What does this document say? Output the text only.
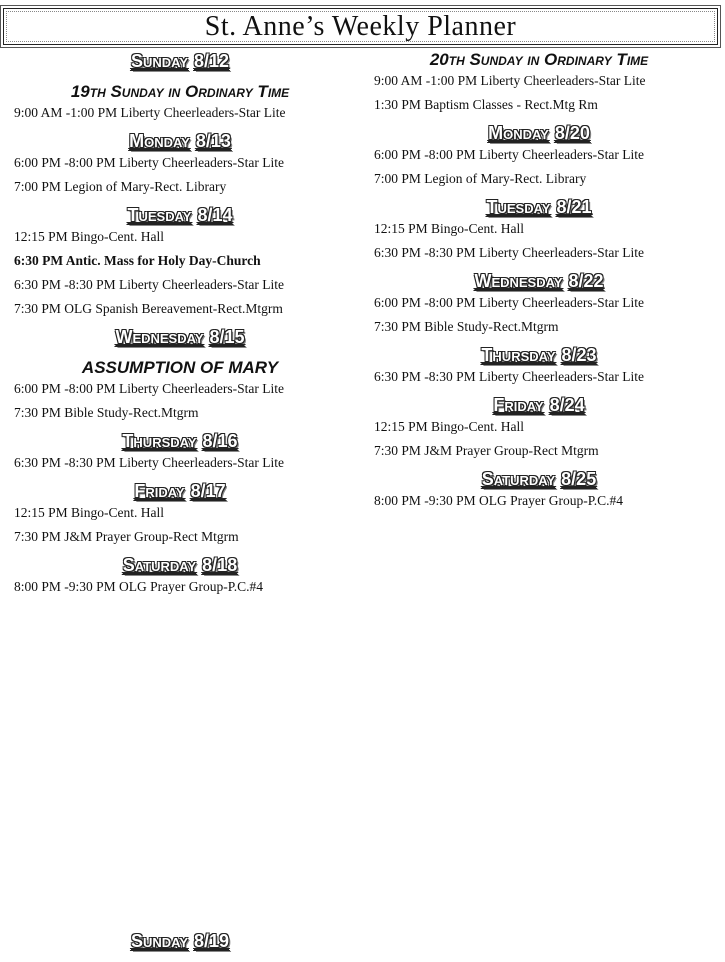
St. Anne’s Weekly Planner
Sunday 8/12
19th Sunday in Ordinary Time
9:00 AM -1:00 PM Liberty Cheerleaders-Star Lite
Monday 8/13
6:00 PM -8:00 PM Liberty Cheerleaders-Star Lite
7:00 PM Legion of Mary-Rect. Library
Tuesday 8/14
12:15 PM Bingo-Cent. Hall
6:30 PM Antic. Mass for Holy Day-Church
6:30 PM -8:30 PM Liberty Cheerleaders-Star Lite
7:30 PM OLG Spanish Bereavement-Rect.Mtgrm
Wednesday 8/15
ASSUMPTION OF MARY
6:00 PM -8:00 PM Liberty Cheerleaders-Star Lite
7:30 PM Bible Study-Rect.Mtgrm
Thursday 8/16
6:30 PM -8:30 PM Liberty Cheerleaders-Star Lite
Friday 8/17
12:15 PM Bingo-Cent. Hall
7:30 PM J&M Prayer Group-Rect Mtgrm
Saturday 8/18
8:00 PM -9:30 PM OLG Prayer Group-P.C.#4
Sunday 8/19
20th Sunday in Ordinary Time
9:00 AM -1:00 PM Liberty Cheerleaders-Star Lite
1:30 PM Baptism Classes - Rect.Mtg Rm
Monday 8/20
6:00 PM -8:00 PM Liberty Cheerleaders-Star Lite
7:00 PM Legion of Mary-Rect. Library
Tuesday 8/21
12:15 PM Bingo-Cent. Hall
6:30 PM -8:30 PM Liberty Cheerleaders-Star Lite
Wednesday 8/22
6:00 PM -8:00 PM Liberty Cheerleaders-Star Lite
7:30 PM Bible Study-Rect.Mtgrm
Thursday 8/23
6:30 PM -8:30 PM Liberty Cheerleaders-Star Lite
Friday 8/24
12:15 PM Bingo-Cent. Hall
7:30 PM J&M Prayer Group-Rect Mtgrm
Saturday 8/25
8:00 PM -9:30 PM OLG Prayer Group-P.C.#4
